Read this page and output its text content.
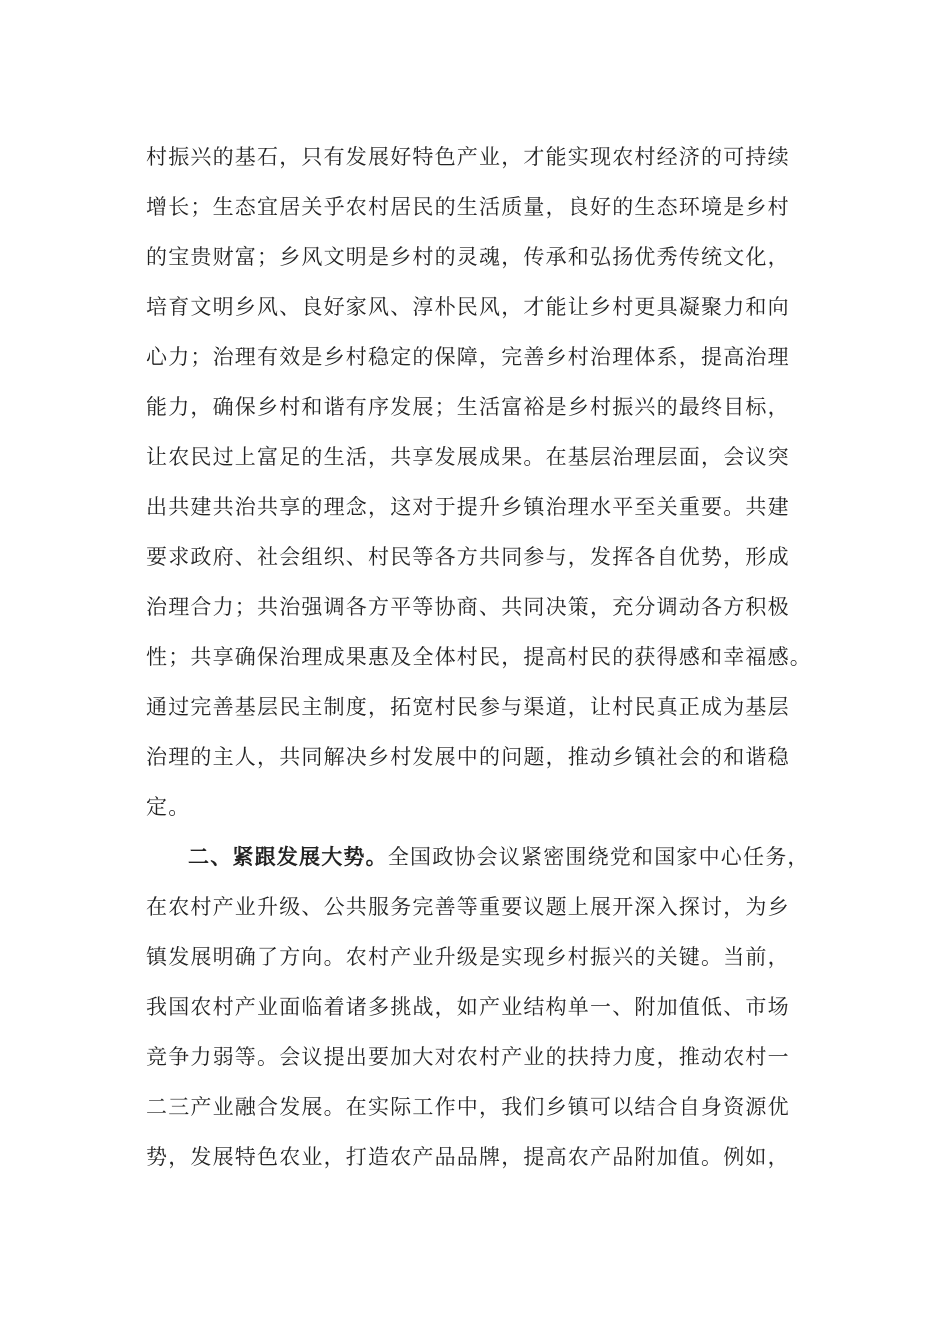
村振兴的基石，只有发展好特色产业，才能实现农村经济的可持续
增长；生态宜居关乎农村居民的生活质量，良好的生态环境是乡村
的宝贵财富；乡风文明是乡村的灵魂，传承和弘扬优秀传统文化，
培育文明乡风、良好家风、淳朴民风，才能让乡村更具凝聚力和向
心力；治理有效是乡村稳定的保障，完善乡村治理体系，提高治理
能力，确保乡村和谐有序发展；生活富裕是乡村振兴的最终目标，
让农民过上富足的生活，共享发展成果。在基层治理层面，会议突
出共建共治共享的理念，这对于提升乡镇治理水平至关重要。共建
要求政府、社会组织、村民等各方共同参与，发挥各自优势，形成
治理合力；共治强调各方平等协商、共同决策，充分调动各方积极
性；共享确保治理成果惠及全体村民，提高村民的获得感和幸福感。
通过完善基层民主制度，拓宽村民参与渠道，让村民真正成为基层
治理的主人，共同解决乡村发展中的问题，推动乡镇社会的和谐稳
定。
二、紧跟发展大势。全国政协会议紧密围绕党和国家中心任务，
在农村产业升级、公共服务完善等重要议题上展开深入探讨，为乡
镇发展明确了方向。农村产业升级是实现乡村振兴的关键。当前，
我国农村产业面临着诸多挑战，如产业结构单一、附加值低、市场
竞争力弱等。会议提出要加大对农村产业的扶持力度，推动农村一
二三产业融合发展。在实际工作中，我们乡镇可以结合自身资源优
势，发展特色农业，打造农产品品牌，提高农产品附加值。例如，
